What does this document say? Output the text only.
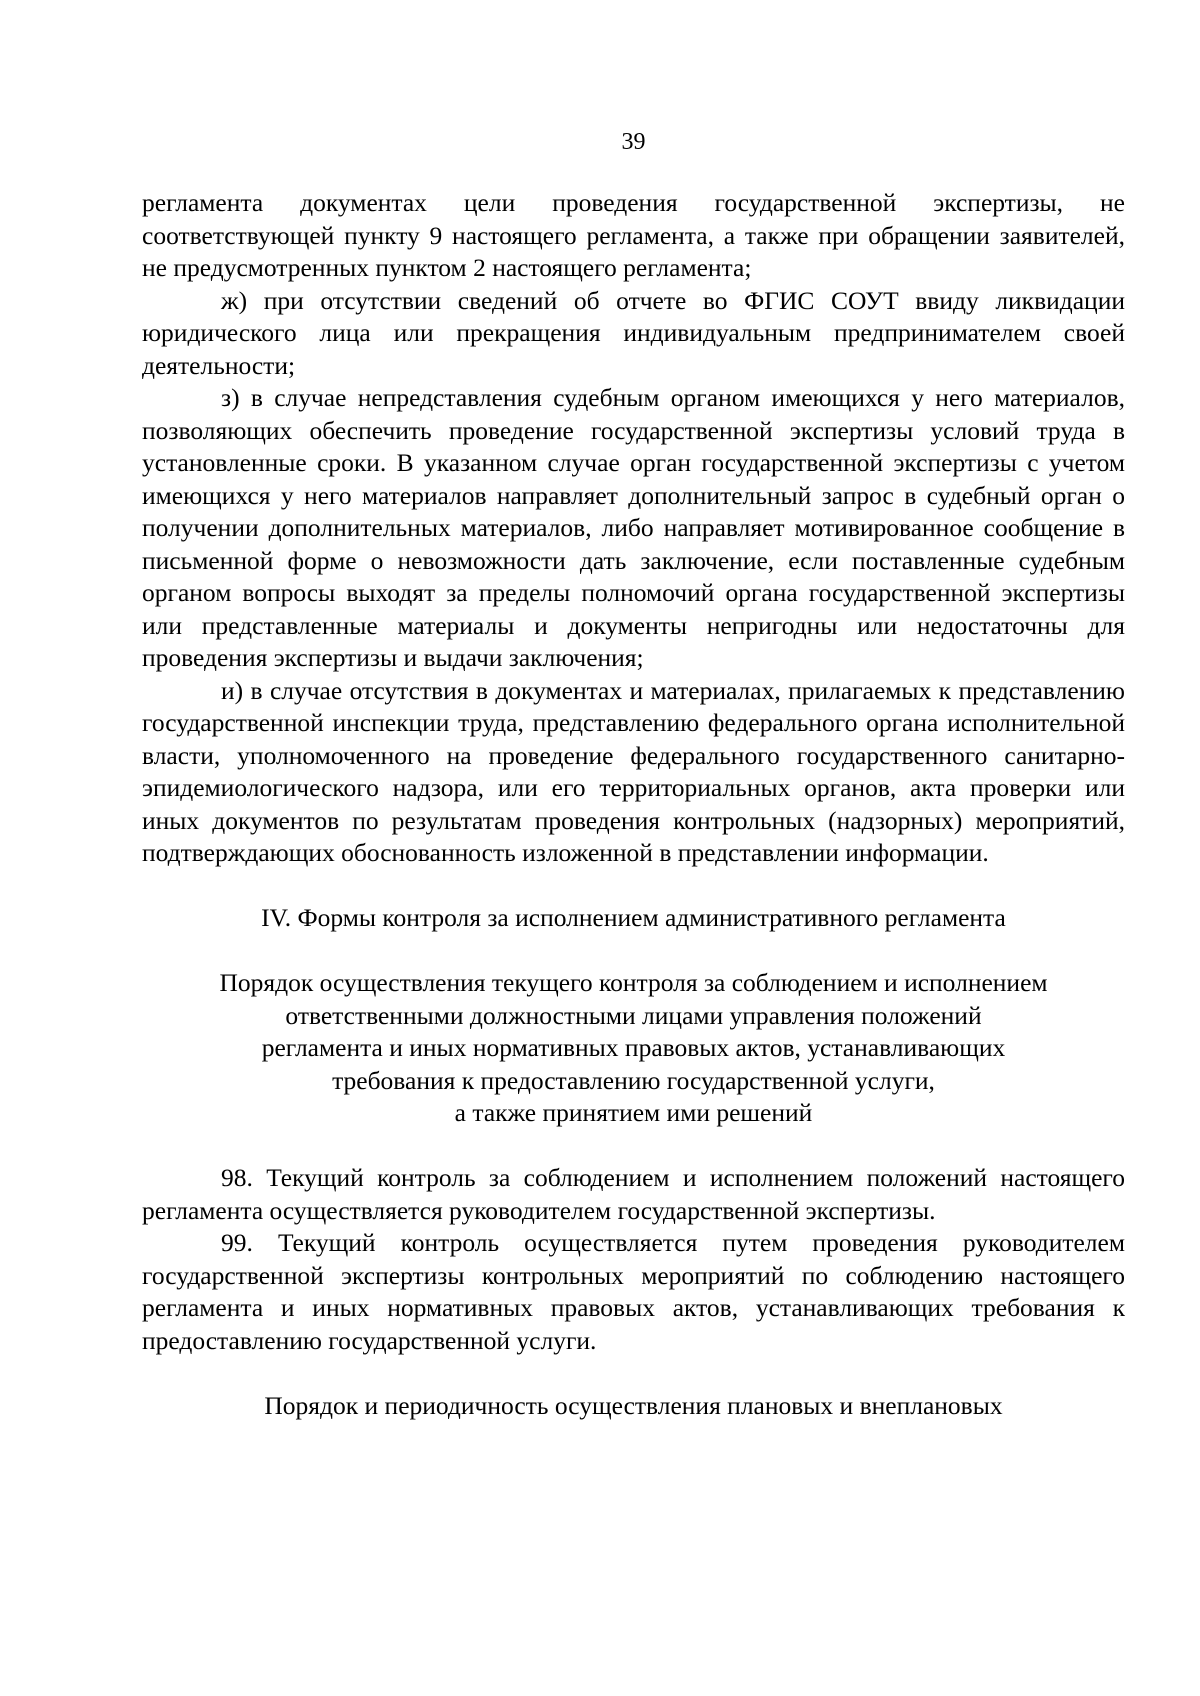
39

регламента документах цели проведения государственной экспертизы, не соответствующей пункту 9 настоящего регламента, а также при обращении заявителей, не предусмотренных пунктом 2 настоящего регламента;

ж) при отсутствии сведений об отчете во ФГИС СОУТ ввиду ликвидации юридического лица или прекращения индивидуальным предпринимателем своей деятельности;

з) в случае непредставления судебным органом имеющихся у него материалов, позволяющих обеспечить проведение государственной экспертизы условий труда в установленные сроки. В указанном случае орган государственной экспертизы с учетом имеющихся у него материалов направляет дополнительный запрос в судебный орган о получении дополнительных материалов, либо направляет мотивированное сообщение в письменной форме о невозможности дать заключение, если поставленные судебным органом вопросы выходят за пределы полномочий органа государственной экспертизы или представленные материалы и документы непригодны или недостаточны для проведения экспертизы и выдачи заключения;

и) в случае отсутствия в документах и материалах, прилагаемых к представлению государственной инспекции труда, представлению федерального органа исполнительной власти, уполномоченного на проведение федерального государственного санитарно-эпидемиологического надзора, или его территориальных органов, акта проверки или иных документов по результатам проведения контрольных (надзорных) мероприятий, подтверждающих обоснованность изложенной в представлении информации.

IV. Формы контроля за исполнением административного регламента

Порядок осуществления текущего контроля за соблюдением и исполнением

ответственными должностными лицами управления положений

регламента и иных нормативных правовых актов, устанавливающих

требования к предоставлению государственной услуги,

а также принятием ими решений

98. Текущий контроль за соблюдением и исполнением положений настоящего регламента осуществляется руководителем государственной экспертизы.

99. Текущий контроль осуществляется путем проведения руководителем государственной экспертизы контрольных мероприятий по соблюдению настоящего регламента и иных нормативных правовых актов, устанавливающих требования к предоставлению государственной услуги.

Порядок и периодичность осуществления плановых и внеплановых
